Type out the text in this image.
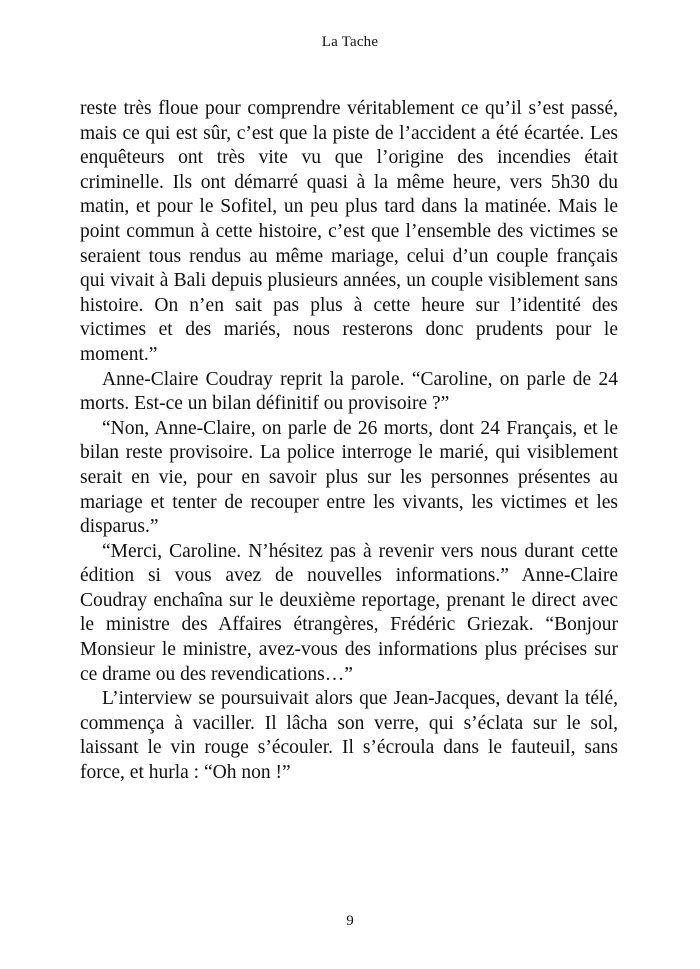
La Tache

reste très floue pour comprendre véritablement ce qu’il s’est passé, mais ce qui est sûr, c’est que la piste de l’accident a été écartée. Les enquêteurs ont très vite vu que l’origine des incendies était criminelle. Ils ont démarré quasi à la même heure, vers 5h30 du matin, et pour le Sofitel, un peu plus tard dans la matinée. Mais le point commun à cette histoire, c’est que l’ensemble des victimes se seraient tous rendus au même mariage, celui d’un couple français qui vivait à Bali depuis plusieurs années, un couple visiblement sans histoire. On n’en sait pas plus à cette heure sur l’identité des victimes et des mariés, nous resterons donc prudents pour le moment.”

Anne-Claire Coudray reprit la parole. “Caroline, on parle de 24 morts. Est-ce un bilan définitif ou provisoire ?”

“Non, Anne-Claire, on parle de 26 morts, dont 24 Français, et le bilan reste provisoire. La police interroge le marié, qui visiblement serait en vie, pour en savoir plus sur les personnes présentes au mariage et tenter de recouper entre les vivants, les victimes et les disparus.”

“Merci, Caroline. N’hésitez pas à revenir vers nous durant cette édition si vous avez de nouvelles informations.” Anne-Claire Coudray enchaîna sur le deuxième reportage, prenant le direct avec le ministre des Affaires étrangères, Frédéric Griezak. “Bonjour Monsieur le ministre, avez-vous des informations plus précises sur ce drame ou des revendications…”

L’interview se poursuivait alors que Jean-Jacques, devant la télé, commença à vaciller. Il lâcha son verre, qui s’éclata sur le sol, laissant le vin rouge s’écouler. Il s’écroula dans le fauteuil, sans force, et hurla : “Oh non !”

9
